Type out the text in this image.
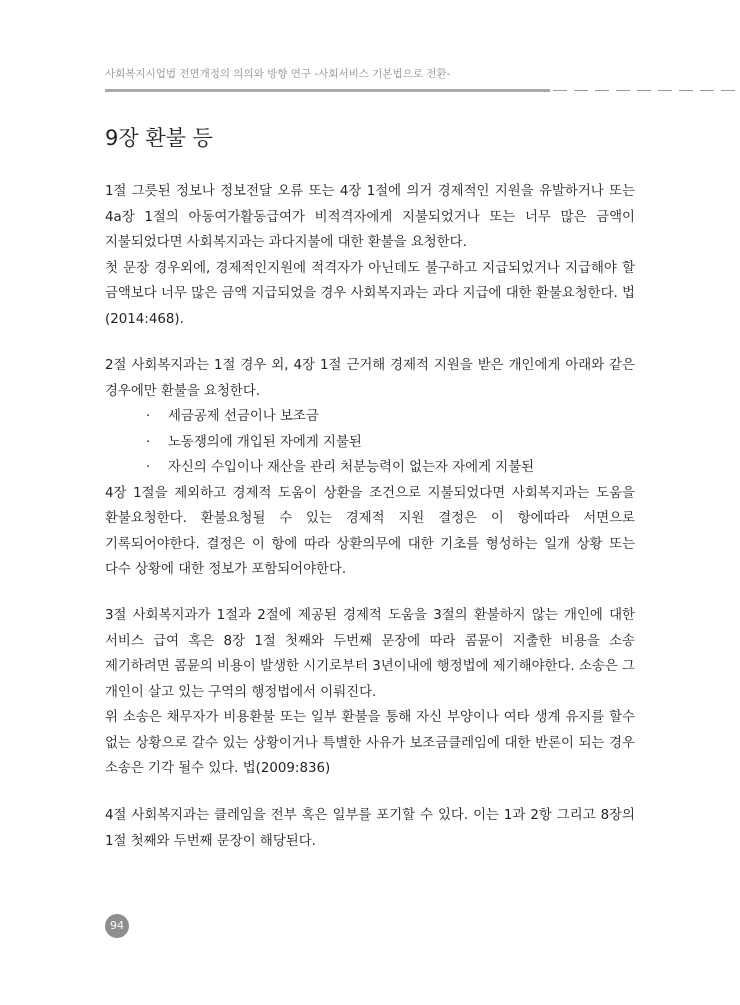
사회복지시업법 전면개정의 의의와 방향 연구 -사회서비스 기본법으로 전환-
9장 환불 등

1절 그릇된 정보나 정보전달 오류 또는 4장 1절에 의거 경제적인 지원을 유발하거나 또는 4a장 1절의 아동여가활동급여가 비적격자에게 지불되었거나 또는 너무 많은 금액이 지불되었다면 사회복지과는 과다지불에 대한 환불을 요청한다.

첫 문장 경우외에, 경제적인지원에 적격자가 아닌데도 불구하고 지급되었거나 지급해야 할 금액보다 너무 많은 금액 지급되었을 경우 사회복지과는 과다 지급에 대한 환불요청한다. 법(2014:468).

2절 사회복지과는 1절 경우 외, 4장 1절 근거해 경제적 지원을 받은 개인에게 아래와 같은 경우에만 환불을 요청한다.

·	세금공제 선금이나 보조금
·	노동쟁의에 개입된 자에게 지불된
·	자신의 수입이나 재산을 관리 처분능력이 없는자 자에게 지불된

4장 1절을 제외하고 경제적 도움이 상환을 조건으로 지불되었다면 사회복지과는 도움을 환불요청한다. 환불요청될 수 있는 경제적 지원 결정은 이 항에따라 서면으로 기록되어야한다. 결정은 이 항에 따라 상환의무에 대한 기초를 형성하는 일개 상황 또는 다수 상황에 대한 정보가 포함되어야한다.

3절 사회복지과가 1절과 2절에 제공된 경제적 도움을 3절의 환불하지 않는 개인에 대한 서비스 급여 혹은 8장 1절 첫째와 두번째 문장에 따라 콤뮨이 지출한 비용을 소송 제기하려면 콤뮨의 비용이 발생한 시기로부터 3년이내에 행정법에 제기해야한다. 소송은 그 개인이 살고 있는 구역의 행정법에서 이뤄진다.

위 소송은 채무자가 비용환불 또는 일부 환불을 통해 자신 부양이나 여타 생계 유지를 할수 없는 상황으로 갈수 있는 상황이거나 특별한 사유가 보조금클레임에 대한 반론이 되는 경우 소송은 기각 될수 있다. 법(2009:836)

4절 사회복지과는 클레임을 전부 혹은 일부를 포기할 수 있다. 이는 1과 2항 그리고 8장의 1절 첫째와 두번째 문장이 해당된다.

94
